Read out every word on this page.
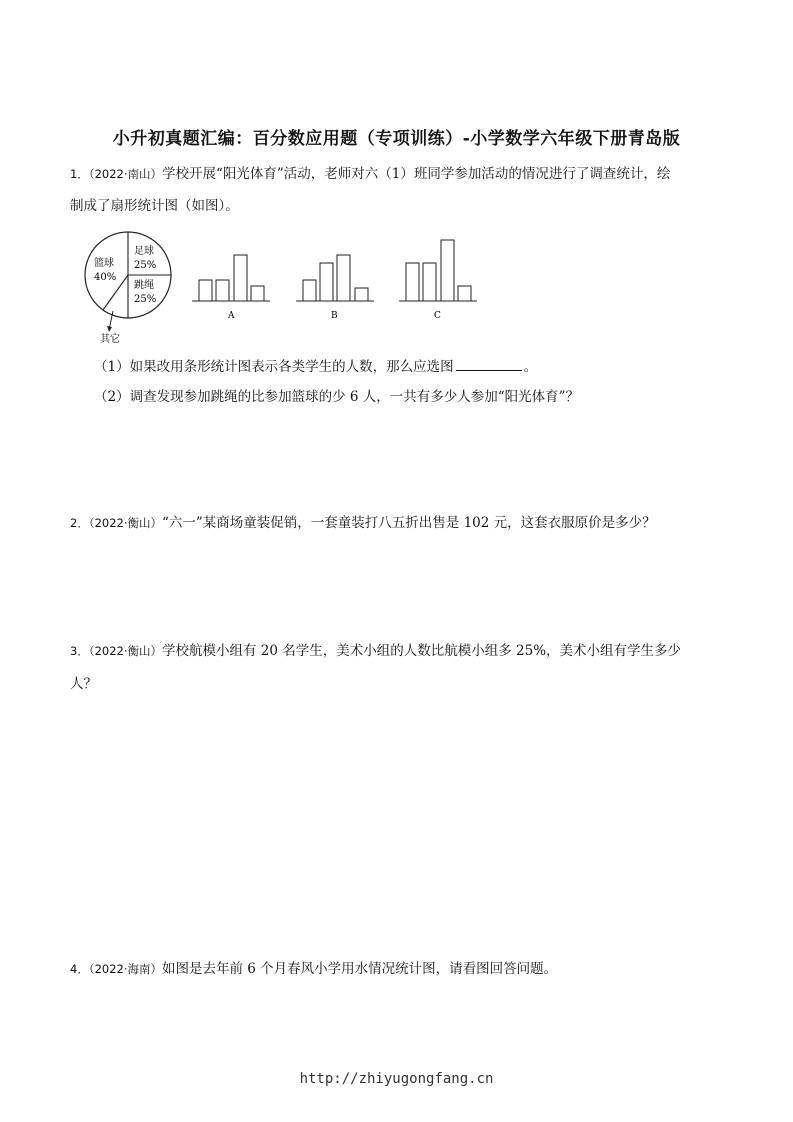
小升初真题汇编：百分数应用题（专项训练）-小学数学六年级下册青岛版
1．（2022·南山）学校开展“阳光体育”活动，老师对六（1）班同学参加活动的情况进行了调查统计，绘
制成了扇形统计图（如图）。
篮球
40%
足球
25%
跳绳
25%
其它
A	B	C
（1）如果改用条形统计图表示各类学生的人数，那么应选图	。
（2）调查发现参加跳绳的比参加篮球的少 6 人，一共有多少人参加“阳光体育”？
2．（2022·衡山）“六一”某商场童装促销，一套童装打八五折出售是 102 元，这套衣服原价是多少？
3．（2022·衡山）学校航模小组有 20 名学生，美术小组的人数比航模小组多 25%，美术小组有学生多少
人？
4．（2022·海南）如图是去年前 6 个月春风小学用水情况统计图，请看图回答问题。
http://zhiyugongfang.cn
